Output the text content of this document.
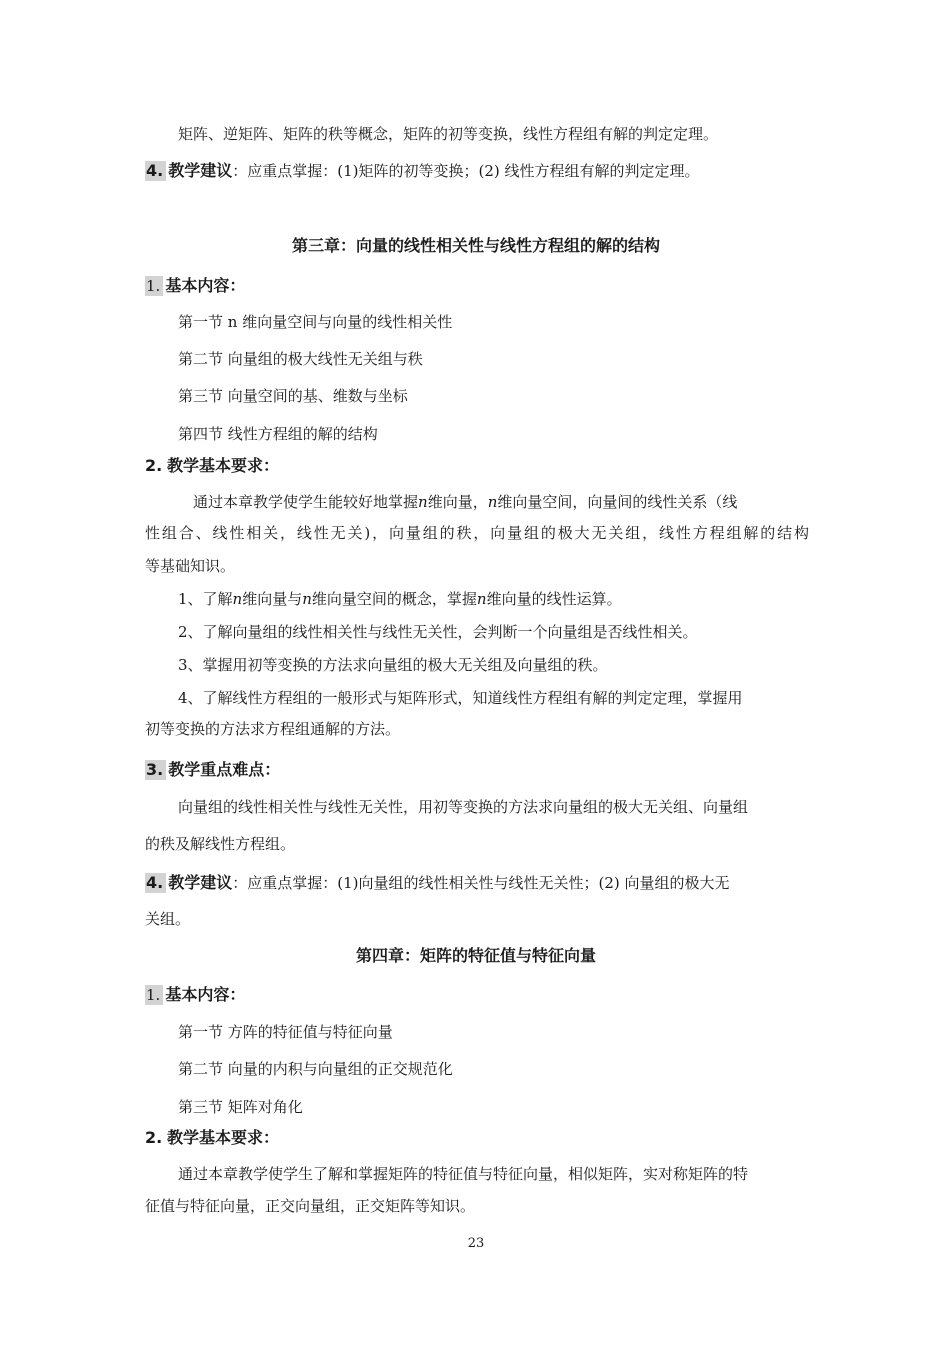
矩阵、逆矩阵、矩阵的秩等概念，矩阵的初等变换，线性方程组有解的判定定理。
4. 教学建议：应重点掌握：(1)矩阵的初等变换；(2) 线性方程组有解的判定定理。
第三章：向量的线性相关性与线性方程组的解的结构
1. 基本内容：
第一节 n 维向量空间与向量的线性相关性
第二节 向量组的极大线性无关组与秩
第三节 向量空间的基、维数与坐标
第四节 线性方程组的解的结构
2. 教学基本要求：
通过本章教学使学生能较好地掌握n维向量，n维向量空间，向量间的线性关系（线
性组合、线性相关，线性无关)，向量组的秩，向量组的极大无关组，线性方程组解的结构
等基础知识。
1、了解n维向量与n维向量空间的概念，掌握n维向量的线性运算。
2、了解向量组的线性相关性与线性无关性，会判断一个向量组是否线性相关。
3、掌握用初等变换的方法求向量组的极大无关组及向量组的秩。
4、了解线性方程组的一般形式与矩阵形式，知道线性方程组有解的判定定理，掌握用
初等变换的方法求方程组通解的方法。
3. 教学重点难点：
向量组的线性相关性与线性无关性，用初等变换的方法求向量组的极大无关组、向量组
的秩及解线性方程组。
4. 教学建议：应重点掌握：(1)向量组的线性相关性与线性无关性；(2) 向量组的极大无
关组。
第四章：矩阵的特征值与特征向量
1. 基本内容：
第一节 方阵的特征值与特征向量
第二节 向量的内积与向量组的正交规范化
第三节 矩阵对角化
2. 教学基本要求：
通过本章教学使学生了解和掌握矩阵的特征值与特征向量，相似矩阵，实对称矩阵的特
征值与特征向量，正交向量组，正交矩阵等知识。
23
